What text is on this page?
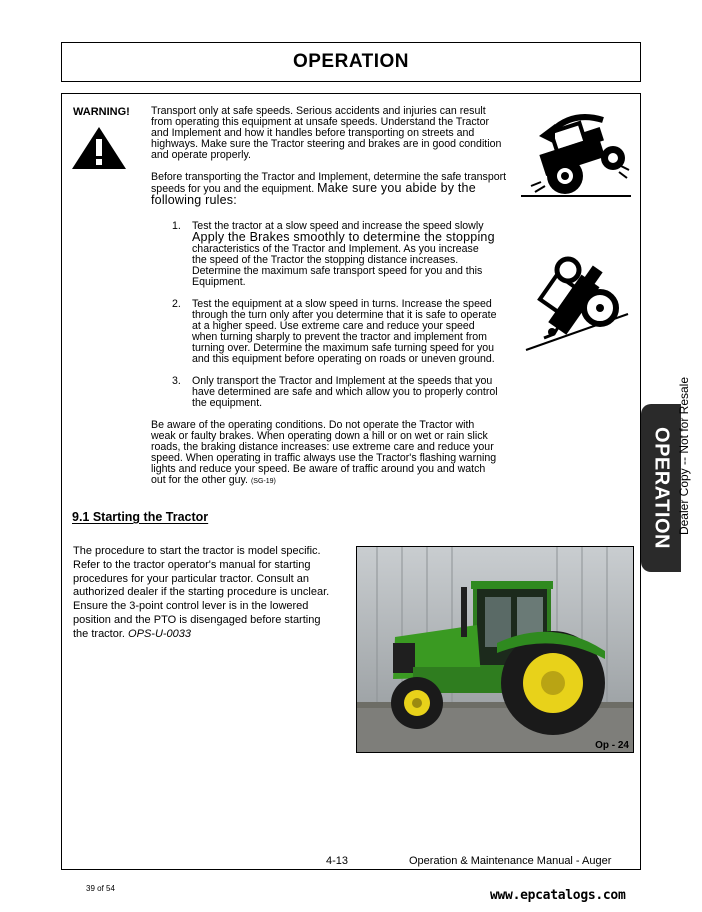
OPERATION
WARNING! Transport only at safe speeds. Serious accidents and injuries can result
from operating this equipment at unsafe speeds. Understand the Tractor
and Implement and how it handles before transporting on streets and
highways. Make sure the Tractor steering and brakes are in good condition
and operate properly.

Before transporting the Tractor and Implement, determine the safe transport
speeds for you and the equipment. Make sure you abide by the
following rules:

1.	Test the tractor at a slow speed and increase the speed slowly
Apply the Brakes smoothly to determine the stopping
characteristics of the Tractor and Implement. As you increase
the speed of the Tractor the stopping distance increases.
Determine the maximum safe transport speed for you and this
Equipment.
2.	Test the equipment at a slow speed in turns. Increase the speed
through the turn only after you determine that it is safe to operate
at a higher speed. Use extreme care and reduce your speed
when turning sharply to prevent the tractor and implement from
turning over. Determine the maximum safe turning speed for you
and this equipment before operating on roads or uneven ground.
3.	Only transport the Tractor and Implement at the speeds that you
have determined are safe and which allow you to properly control
the equipment.

Be aware of the operating conditions. Do not operate the Tractor with
weak or faulty brakes. When operating down a hill or on wet or rain slick
roads, the braking distance increases: use extreme care and reduce your
speed. When operating in traffic always use the Tractor's flashing warning
lights and reduce your speed. Be aware of traffic around you and watch
out for the other guy. (SG-19)

9.1 Starting the Tractor
The procedure to start the tractor is model specific.
Refer to the tractor operator's manual for starting
procedures for your particular tractor. Consult an
authorized dealer if the starting procedure is unclear.
Ensure the 3-point control lever is in the lowered
position and the PTO is disengaged before starting
the tractor. OPS-U-0033
Op - 24
OPERATION Dealer Copy -- Not for Resale
4-13	Operation & Maintenance Manual - Auger
39 of 54	www.epcatalogs.com
